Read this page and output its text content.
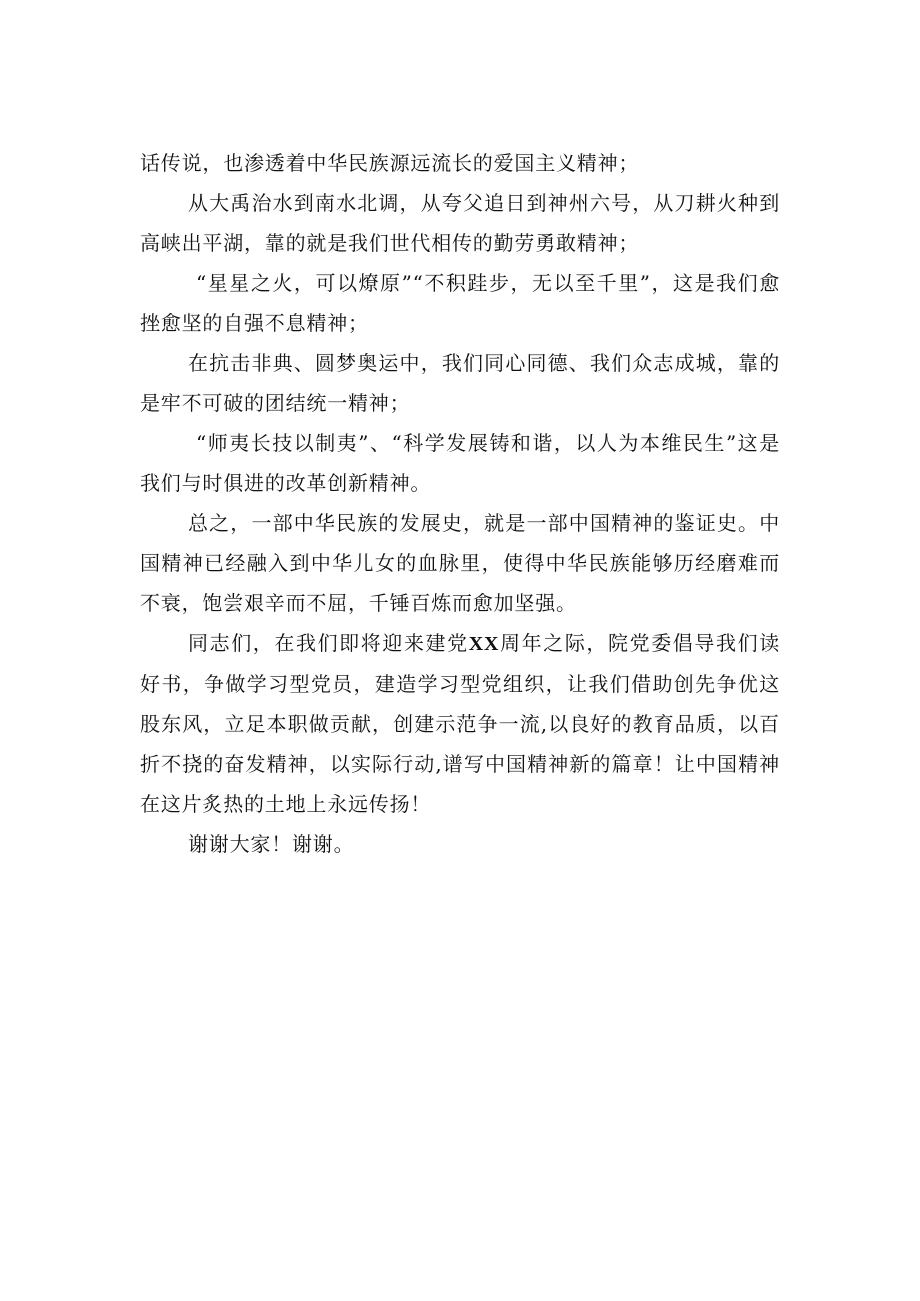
话传说，也渗透着中华民族源远流长的爱国主义精神；

从大禹治水到南水北调，从夸父追日到神州六号，从刀耕火种到高峡出平湖，靠的就是我们世代相传的勤劳勇敢精神；

“星星之火，可以燎原”“不积跬步，无以至千里”，这是我们愈挫愈坚的自强不息精神；

在抗击非典、圆梦奥运中，我们同心同德、我们众志成城，靠的是牢不可破的团结统一精神；

“师夷长技以制夷”、“科学发展铸和谐，以人为本维民生”这是我们与时俱进的改革创新精神。

总之，一部中华民族的发展史，就是一部中国精神的鉴证史。中国精神已经融入到中华儿女的血脉里，使得中华民族能够历经磨难而不衰，饱尝艰辛而不屈，千锤百炼而愈加坚强。

同志们，在我们即将迎来建党XX周年之际，院党委倡导我们读好书，争做学习型党员，建造学习型党组织，让我们借助创先争优这股东风，立足本职做贡献，创建示范争一流,以良好的教育品质，以百折不挠的奋发精神，以实际行动,谱写中国精神新的篇章！让中国精神在这片炙热的土地上永远传扬！

谢谢大家！谢谢。
